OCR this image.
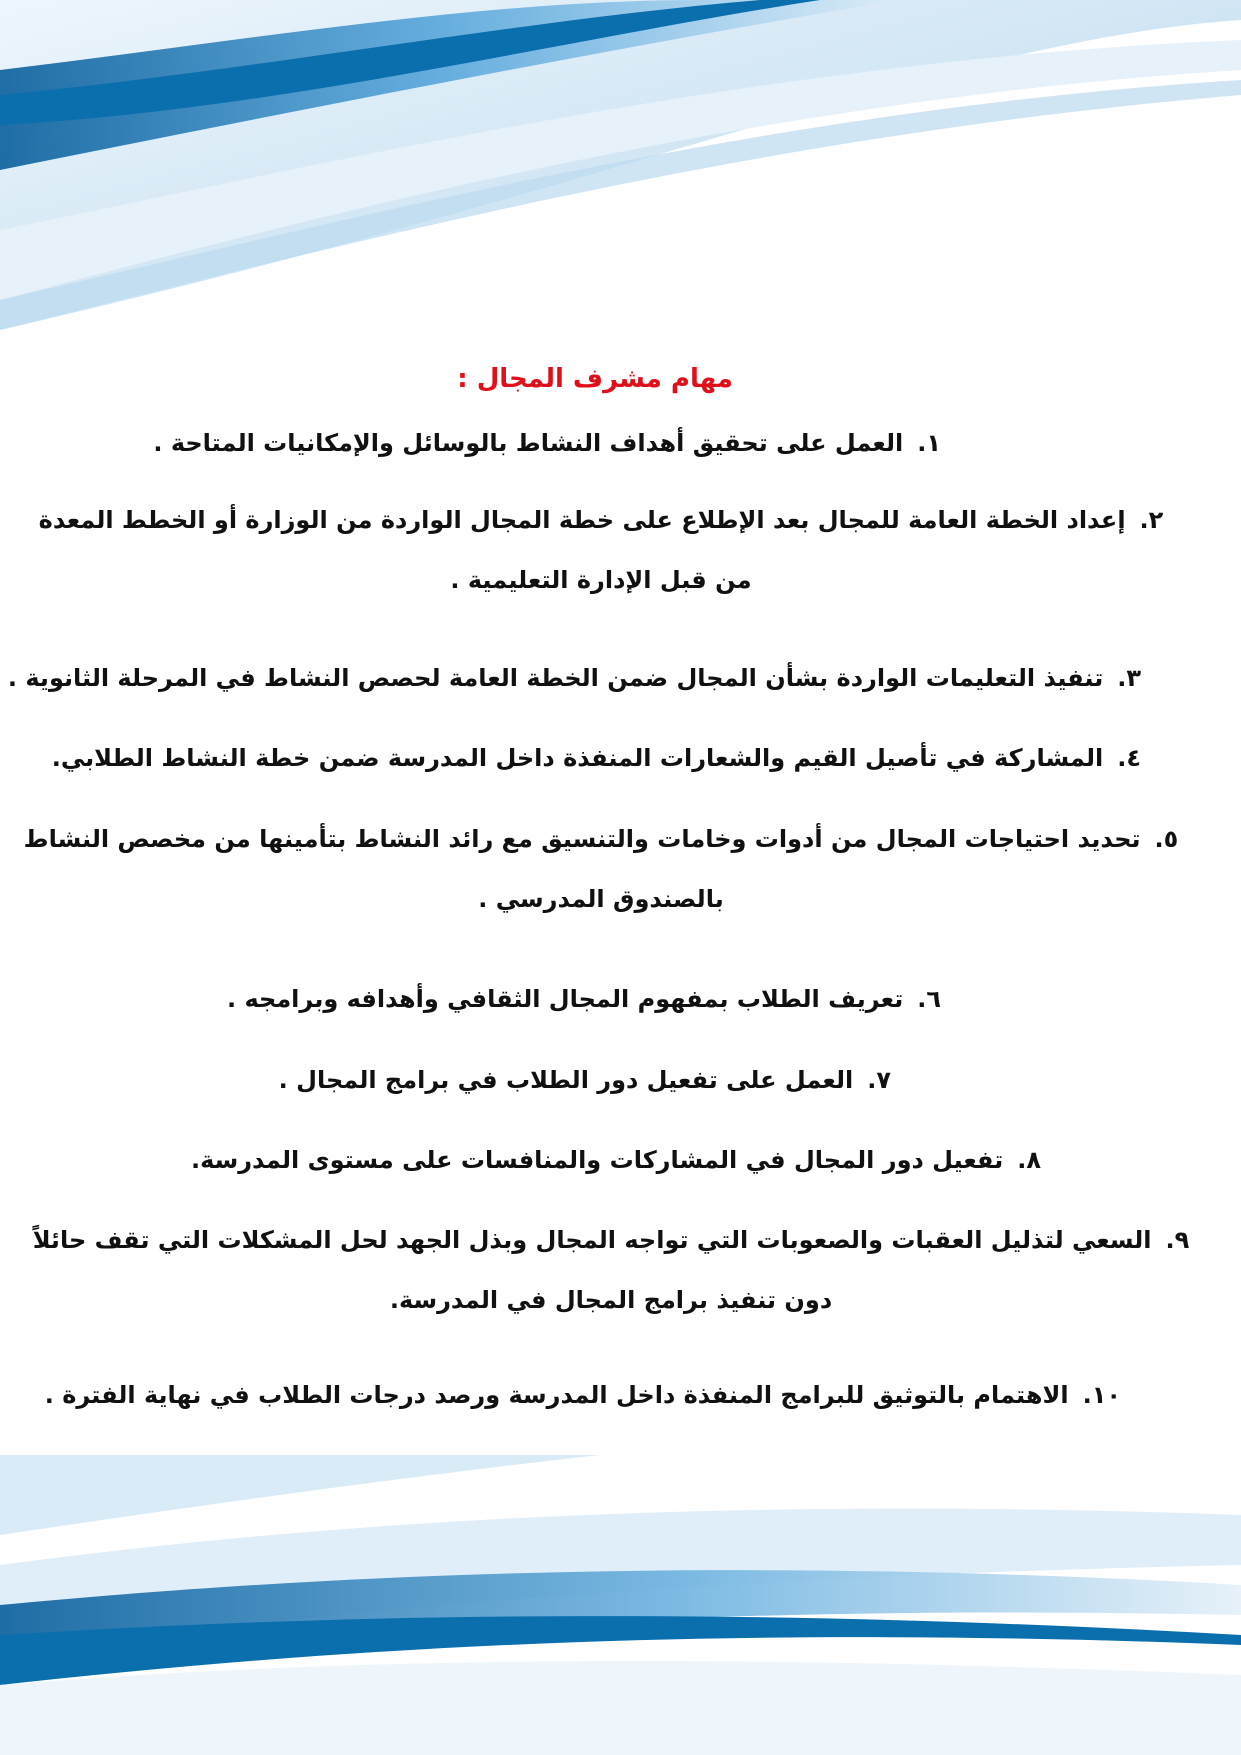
مهام مشرف المجال :

١.العمل على تحقيق أهداف النشاط بالوسائل والإمكانيات المتاحة .

٢.إعداد الخطة العامة للمجال بعد الإطلاع على خطة المجال الواردة من الوزارة أو الخطط المعدة من قبل الإدارة التعليمية .

٣.تنفيذ التعليمات الواردة بشأن المجال ضمن الخطة العامة لحصص النشاط في المرحلة الثانوية .

٤.المشاركة في تأصيل القيم والشعارات المنفذة داخل المدرسة ضمن خطة النشاط الطلابي.

٥.تحديد احتياجات المجال من أدوات وخامات والتنسيق مع رائد النشاط بتأمينها من مخصص النشاط بالصندوق المدرسي .

٦.تعريف الطلاب بمفهوم المجال الثقافي وأهدافه وبرامجه .

٧.العمل على تفعيل دور الطلاب في برامج المجال .

٨.تفعيل دور المجال في المشاركات والمنافسات على مستوى المدرسة.

٩.السعي لتذليل العقبات والصعوبات التي تواجه المجال وبذل الجهد لحل المشكلات التي تقف حائلاً دون تنفيذ برامج المجال في المدرسة.

١٠.الاهتمام بالتوثيق للبرامج المنفذة داخل المدرسة ورصد درجات الطلاب في نهاية الفترة .
